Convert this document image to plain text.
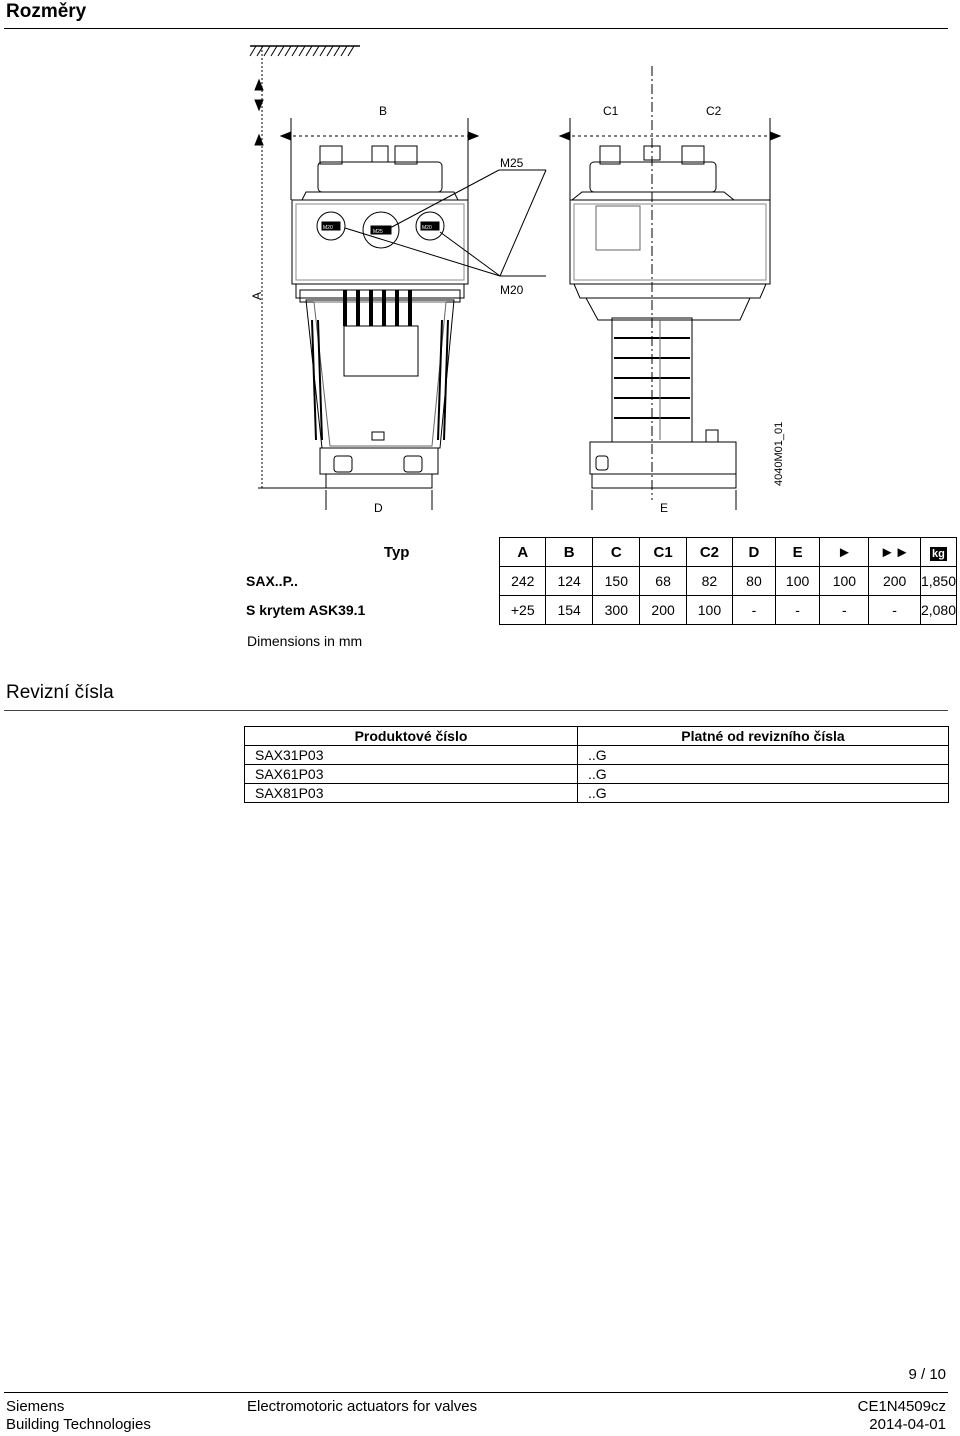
Rozměry
B	C1	C2
M25
M20
D	E
A
4040M01_01
M20
M25
M20
Typ	A	B	C	C1	C2	D	E	►	►►	kg
SAX..P..	242	124	150	68	82	80	100	100	200	1,850
S krytem ASK39.1	+25	154	300	200	100	-	-	-	-	2,080
Dimensions in mm
Revizní čísla
Produktové číslo	Platné od revizního čísla
SAX31P03	..G
SAX61P03	..G
SAX81P03	..G
9 / 10
Siemens
Building Technologies
Electromotoric actuators for valves	CE1N4509cz
2014-04-01
